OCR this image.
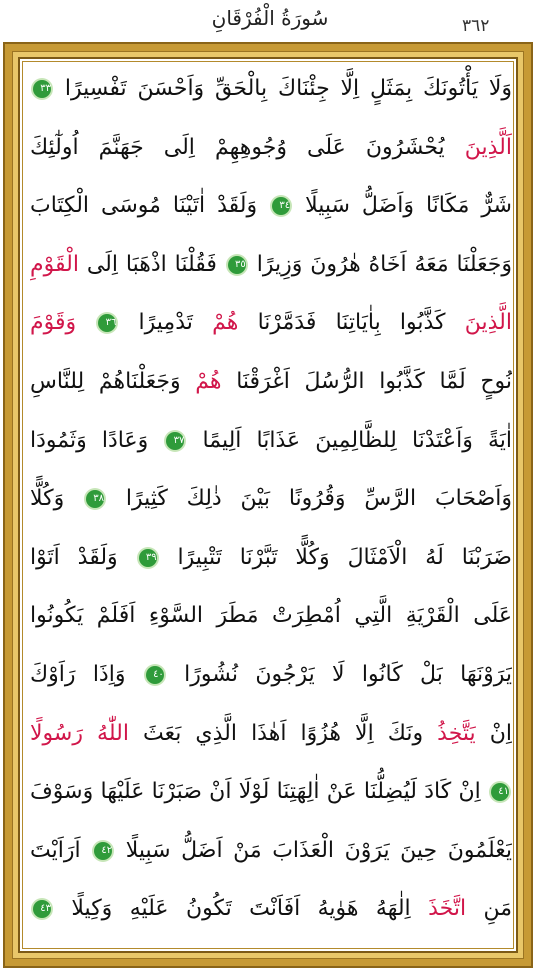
سُورَةُ الْفُرْقَانِ	٣٦٢
وَلَا يَأْتُونَكَ بِمَثَلٍ اِلَّا جِئْنَاكَ بِالْحَقِّ وَاَحْسَنَ تَفْسِيرًا ٣٣
اَلَّذِينَ يُحْشَرُونَ عَلَى وُجُوهِهِمْ اِلَى جَهَنَّمَ اُولٰٓئِكَ
شَرٌّ مَكَانًا وَاَضَلُّ سَبِيلًا ٣٤ وَلَقَدْ اٰتَيْنَا مُوسَى الْكِتَابَ
وَجَعَلْنَا مَعَهُ اَخَاهُ هٰرُونَ وَزِيرًا ٣٥ فَقُلْنَا اذْهَبَا اِلَى الْقَوْمِ
الَّذِينَ كَذَّبُوا بِاٰيَاتِنَا فَدَمَّرْنَا هُمْ تَدْمِيرًا ٣٦ وَقَوْمَ
نُوحٍ لَمَّا كَذَّبُوا الرُّسُلَ اَغْرَقْنَا هُمْ وَجَعَلْنَاهُمْ لِلنَّاسِ
اٰيَةً وَاَعْتَدْنَا لِلظَّالِمِينَ عَذَابًا اَلِيمًا ٣٧ وَعَادًا وَثَمُودَا
وَاَصْحَابَ الرَّسِّ وَقُرُونًا بَيْنَ ذٰلِكَ كَثِيرًا ٣٨ وَكُلًّا
ضَرَبْنَا لَهُ الْاَمْثَالَ وَكُلًّا تَبَّرْنَا تَتْبِيرًا ٣٩ وَلَقَدْ اَتَوْا
عَلَى الْقَرْيَةِ الَّتِي اُمْطِرَتْ مَطَرَ السَّوْءِ اَفَلَمْ يَكُونُوا
يَرَوْنَهَا بَلْ كَانُوا لَا يَرْجُونَ نُشُورًا ٤٠ وَاِذَا رَاَوْكَ
اِنْ يَتَّخِذُ ونَكَ اِلَّا هُزُوًا اَهٰذَا الَّذِي بَعَثَ اللّٰهُ رَسُولًا
٤١ اِنْ كَادَ لَيُضِلُّنَا عَنْ اٰلِهَتِنَا لَوْلَا اَنْ صَبَرْنَا عَلَيْهَا وَسَوْفَ
يَعْلَمُونَ حِينَ يَرَوْنَ الْعَذَابَ مَنْ اَضَلُّ سَبِيلًا ٤٢ اَرَاَيْتَ
مَنِ اتَّخَذَ اِلٰهَهُ هَوٰيهُ اَفَاَنْتَ تَكُونُ عَلَيْهِ وَكِيلًا ٤٣
